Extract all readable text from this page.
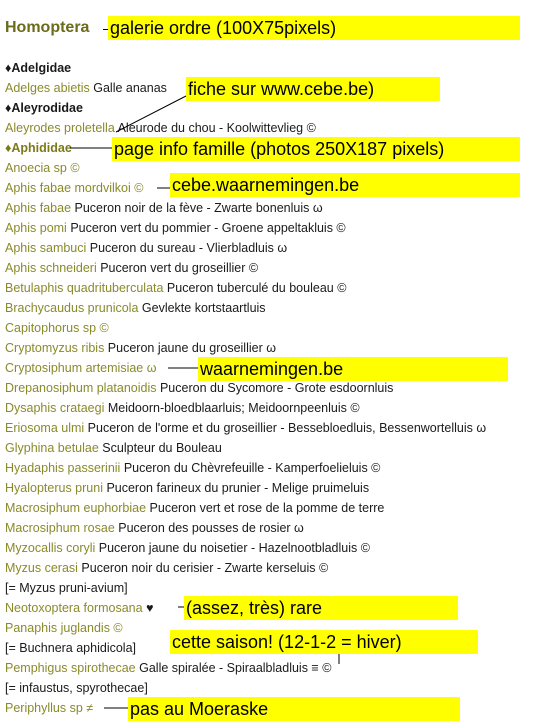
Homoptera galerie ordre (100X75pixels)
♦Adelgidae
♦Aleyrodidae
♦Aphididae
Adelges abietis Galle ananas
Aleyrodes proletella Aleurode du chou - Koolwittevlieg ©
Anoecia sp ©
Aphis fabae mordvilkoi ©
Aphis fabae Puceron noir de la fève - Zwarte bonenluis ω
Aphis pomi Puceron vert du pommier - Groene appeltakluis ©
Aphis sambuci Puceron du sureau - Vlierbladluis ω
Aphis schneideri Puceron vert du groseillier ©
Betulaphis quadrituberculata Puceron tuberculé du bouleau ©
Brachycaudus prunicola Gevlekte kortstaartluis
Capitophorus sp ©
Cryptomyzus ribis Puceron jaune du groseillier ω
Cryptosiphum artemisiae ω
Drepanosiphum platanoidis Puceron du Sycomore - Grote esdoornluis
Dysaphis crataegi Meidoorn-bloedblaarluis; Meidoornpeenluis ©
Eriosoma ulmi Puceron de l'orme et du groseillier - Bessebloedluis, Bessenwortelluis ω
Glyphina betulae Sculpteur du Bouleau
Hyadaphis passerinii Puceron du Chèvrefeuille - Kamperfoelieluis ©
Hyalopterus pruni Puceron farineux du prunier - Melige pruimeluis
Macrosiphum euphorbiae Puceron vert et rose de la pomme de terre
Macrosiphum rosae Puceron des pousses de rosier ω
Myzocallis coryli Puceron jaune du noisetier - Hazelnootbladluis ©
Myzus cerasi Puceron noir du cerisier - Zwarte kerseluis ©
[= Myzus pruni-avium]
Neotoxoptera formosana ♥
Panaphis juglandis ©
[= Buchnera aphidicola]
Pemphigus spirothecae Galle spiralée - Spiraalbladluis ≡ ©
[= infaustus, spyrothecae]
Periphyllus sp ≠
fiche sur www.cebe.be)
page info famille (photos 250X187 pixels)
cebe.waarnemingen.be
waarnemingen.be
(assez, très) rare
cette saison! (12-1-2 = hiver)
pas au Moeraske
